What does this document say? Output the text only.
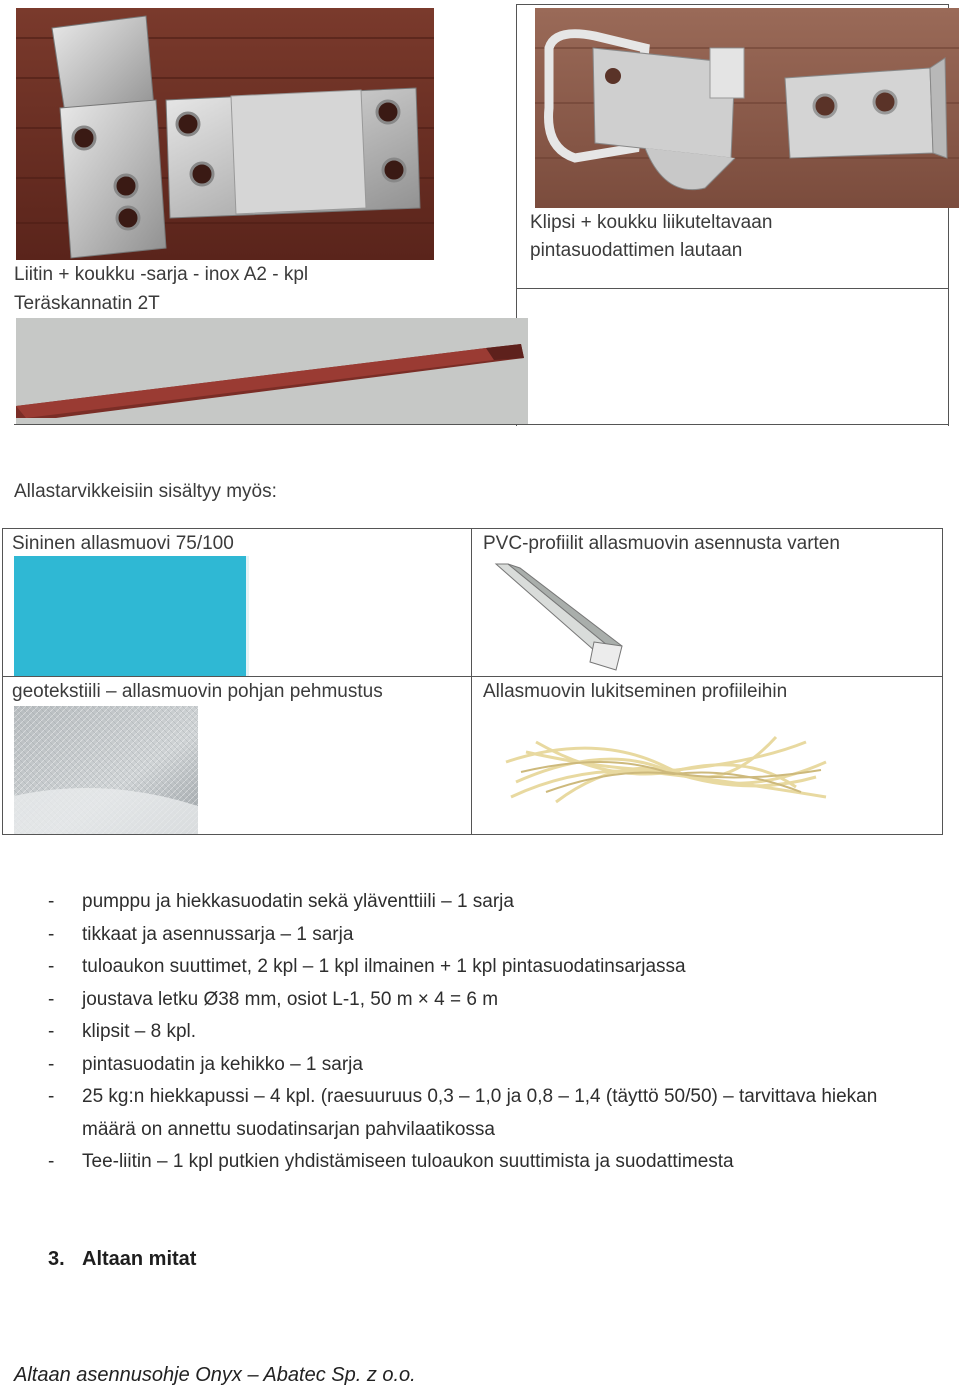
Liitin + koukku -sarja - inox A2 - kpl
Teräskannatin 2T
Klipsi + koukku liikuteltavaan
pintasuodattimen lautaan
Allastarvikkeisiin sisältyy myös:
Sininen allasmuovi 75/100	PVC-profiilit allasmuovin asennusta varten
geotekstiili – allasmuovin pohjan pehmustus	Allasmuovin lukitseminen profiileihin
- pumppu ja hiekkasuodatin sekä yläventtiili – 1 sarja
- tikkaat ja asennussarja – 1 sarja
- tuloaukon suuttimet, 2 kpl – 1 kpl ilmainen + 1 kpl pintasuodatinsarjassa
- joustava letku Ø38 mm, osiot L-1, 50 m × 4 = 6 m
- klipsit – 8 kpl.
- pintasuodatin ja kehikko – 1 sarja
- 25 kg:n hiekkapussi – 4 kpl. (raesuuruus 0,3 – 1,0 ja 0,8 – 1,4 (täyttö 50/50) – tarvittava hiekan määrä on annettu suodatinsarjan pahvilaatikossa
- Tee-liitin – 1 kpl putkien yhdistämiseen tuloaukon suuttimista ja suodattimesta
3. Altaan mitat
Altaan asennusohje Onyx – Abatec Sp. z o.o.
